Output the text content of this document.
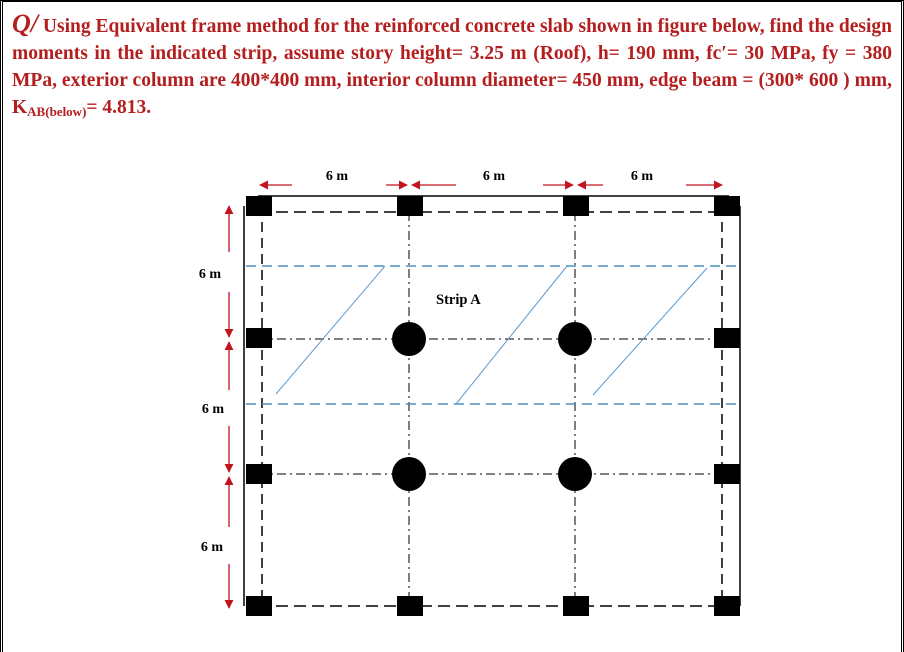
Q/ Using Equivalent frame method for the reinforced concrete slab shown in figure below, find the design moments in the indicated strip, assume story height= 3.25 m (Roof), h= 190 mm, fc′= 30 MPa, fy = 380 MPa, exterior column are 400*400 mm, interior column diameter= 450 mm, edge beam = (300* 600 ) mm, $K_{AB(below)}= 4.813$.
6 m	6 m	6 m
6 m
6 m
6 m
Strip A
